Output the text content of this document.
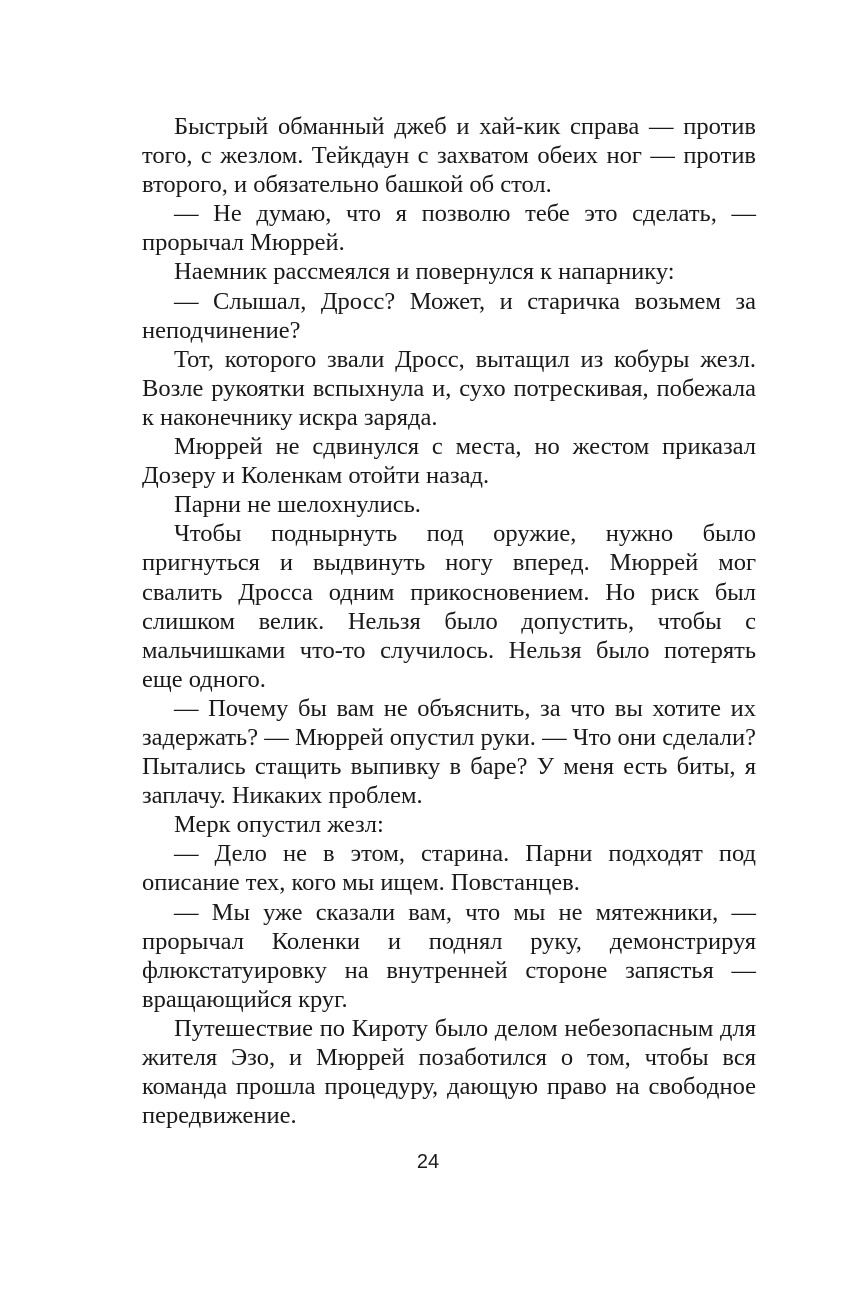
Быстрый обманный джеб и хай-кик справа — против того, с жезлом. Тейкдаун с захватом обеих ног — против второго, и обязательно башкой об стол.

— Не думаю, что я позволю тебе это сделать, — прорычал Мюррей.

Наемник рассмеялся и повернулся к напарнику:

— Слышал, Дросс? Может, и старичка возьмем за неподчинение?

Тот, которого звали Дросс, вытащил из кобуры жезл. Возле рукоятки вспыхнула и, сухо потрескивая, побежала к наконечнику искра заряда.

Мюррей не сдвинулся с места, но жестом приказал Дозеру и Коленкам отойти назад.

Парни не шелохнулись.

Чтобы поднырнуть под оружие, нужно было пригнуться и выдвинуть ногу вперед. Мюррей мог свалить Дросса одним прикосновением. Но риск был слишком велик. Нельзя было допустить, чтобы с мальчишками что-то случилось. Нельзя было потерять еще одного.

— Почему бы вам не объяснить, за что вы хотите их задержать? — Мюррей опустил руки. — Что они сделали? Пытались стащить выпивку в баре? У меня есть биты, я заплачу. Никаких проблем.

Мерк опустил жезл:

— Дело не в этом, старина. Парни подходят под описание тех, кого мы ищем. Повстанцев.

— Мы уже сказали вам, что мы не мятежники, — прорычал Коленки и поднял руку, демонстрируя флюкстатуировку на внутренней стороне запястья — вращающийся круг.

Путешествие по Кироту было делом небезопасным для жителя Эзо, и Мюррей позаботился о том, чтобы вся команда прошла процедуру, дающую право на свободное передвижение.

24
